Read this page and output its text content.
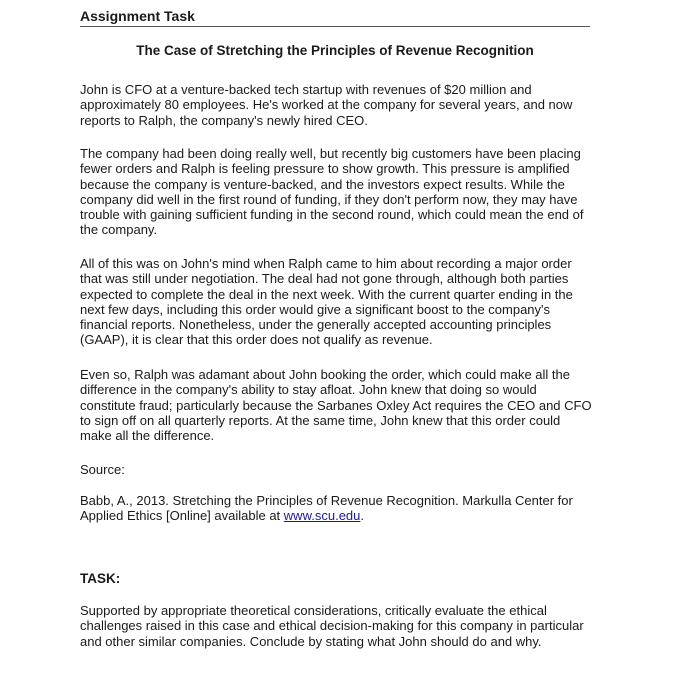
Assignment Task
The Case of Stretching the Principles of Revenue Recognition

John is CFO at a venture-backed tech startup with revenues of $20 million and approximately 80 employees. He's worked at the company for several years, and now reports to Ralph, the company's newly hired CEO.

The company had been doing really well, but recently big customers have been placing fewer orders and Ralph is feeling pressure to show growth. This pressure is amplified because the company is venture-backed, and the investors expect results. While the company did well in the first round of funding, if they don't perform now, they may have trouble with gaining sufficient funding in the second round, which could mean the end of the company.

All of this was on John's mind when Ralph came to him about recording a major order that was still under negotiation. The deal had not gone through, although both parties expected to complete the deal in the next week. With the current quarter ending in the next few days, including this order would give a significant boost to the company's financial reports. Nonetheless, under the generally accepted accounting principles (GAAP), it is clear that this order does not qualify as revenue.

Even so, Ralph was adamant about John booking the order, which could make all the difference in the company's ability to stay afloat. John knew that doing so would constitute fraud; particularly because the Sarbanes Oxley Act requires the CEO and CFO to sign off on all quarterly reports. At the same time, John knew that this order could make all the difference.

Source:

Babb, A., 2013. Stretching the Principles of Revenue Recognition. Markulla Center for Applied Ethics [Online] available at www.scu.edu.

TASK:

Supported by appropriate theoretical considerations, critically evaluate the ethical challenges raised in this case and ethical decision-making for this company in particular and other similar companies. Conclude by stating what John should do and why.
